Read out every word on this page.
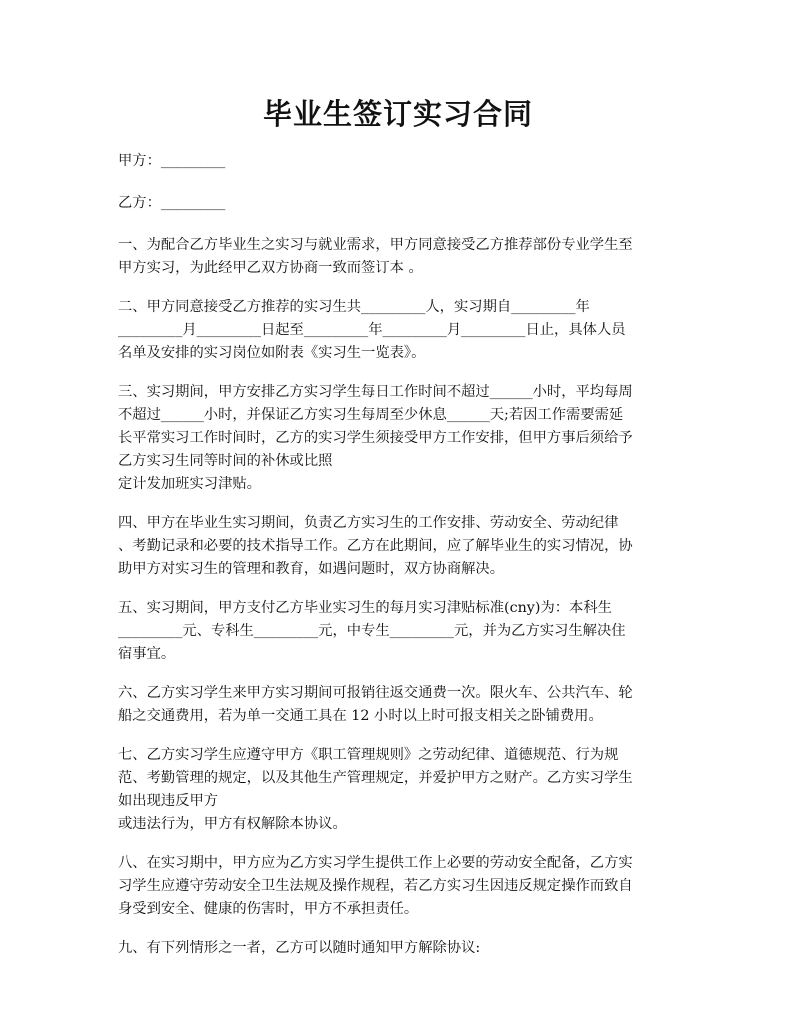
毕业生签订实习合同
甲方：_________
乙方：_________
一、为配合乙方毕业生之实习与就业需求，甲方同意接受乙方推荐部份专业学生至
甲方实习，为此经甲乙双方协商一致而签订本 。
二、甲方同意接受乙方推荐的实习生共_________人，实习期自_________年
_________月_________日起至_________年_________月_________日止，具体人员
名单及安排的实习岗位如附表《实习生一览表》。
三、实习期间，甲方安排乙方实习学生每日工作时间不超过______小时，平均每周
不超过______小时，并保证乙方实习生每周至少休息______天;若因工作需要需延
长平常实习工作时间时，乙方的实习学生须接受甲方工作安排，但甲方事后须给予
乙方实习生同等时间的补休或比照
定计发加班实习津贴。
四、甲方在毕业生实习期间，负责乙方实习生的工作安排、劳动安全、劳动纪律
、考勤记录和必要的技术指导工作。乙方在此期间，应了解毕业生的实习情况，协
助甲方对实习生的管理和教育，如遇问题时，双方协商解决。
五、实习期间，甲方支付乙方毕业实习生的每月实习津贴标准(cny)为：本科生
_________元、专科生_________元，中专生_________元，并为乙方实习生解决住
宿事宜。
六、乙方实习学生来甲方实习期间可报销往返交通费一次。限火车、公共汽车、轮
船之交通费用，若为单一交通工具在 12 小时以上时可报支相关之卧铺费用。
七、乙方实习学生应遵守甲方《职工管理规则》之劳动纪律、道德规范、行为规
范、考勤管理的规定，以及其他生产管理规定，并爱护甲方之财产。乙方实习学生
如出现违反甲方
或违法行为，甲方有权解除本协议。
八、在实习期中，甲方应为乙方实习学生提供工作上必要的劳动安全配备，乙方实
习学生应遵守劳动安全卫生法规及操作规程，若乙方实习生因违反规定操作而致自
身受到安全、健康的伤害时，甲方不承担责任。
九、有下列情形之一者，乙方可以随时通知甲方解除协议:
